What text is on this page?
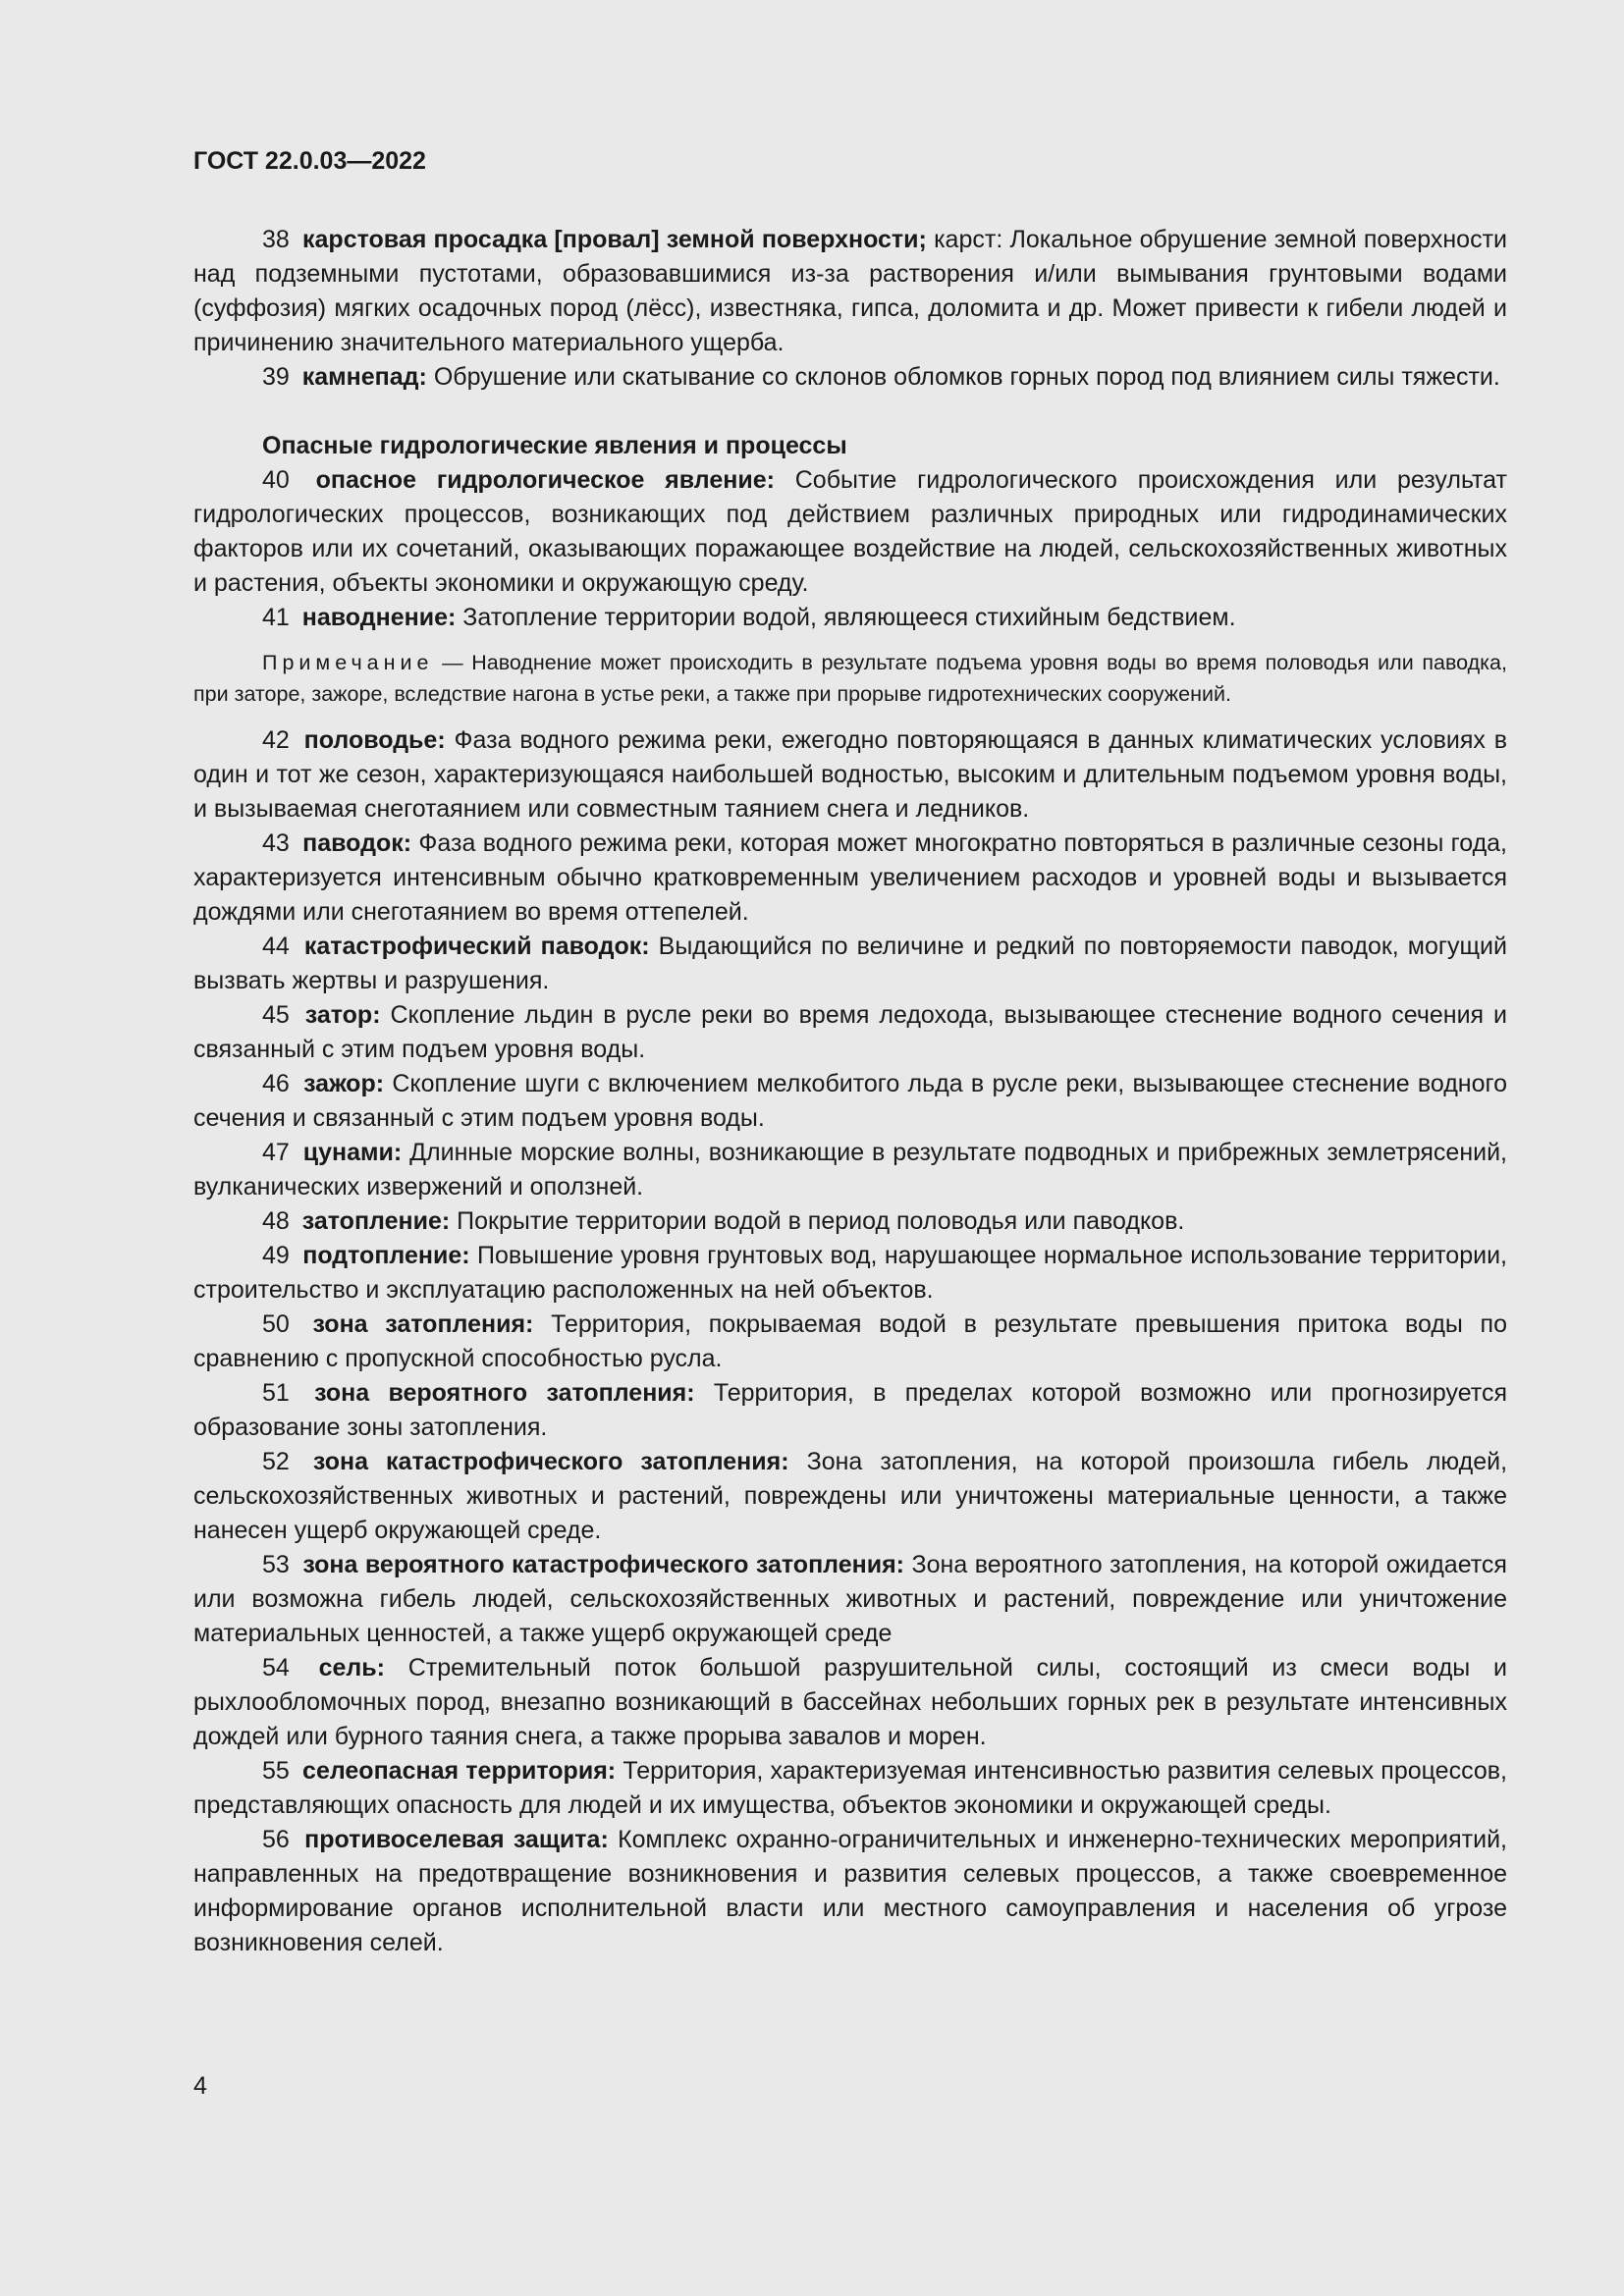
ГОСТ 22.0.03—2022

38 карстовая просадка [провал] земной поверхности; карст: Локальное обрушение земной поверхности над подземными пустотами, образовавшимися из-за растворения и/или вымывания грунтовыми водами (суффозия) мягких осадочных пород (лёсс), известняка, гипса, доломита и др. Может привести к гибели людей и причинению значительного материального ущерба.

39 камнепад: Обрушение или скатывание со склонов обломков горных пород под влиянием силы тяжести.

Опасные гидрологические явления и процессы

40 опасное гидрологическое явление: Событие гидрологического происхождения или результат гидрологических процессов, возникающих под действием различных природных или гидродинамических факторов или их сочетаний, оказывающих поражающее воздействие на людей, сельскохозяйственных животных и растения, объекты экономики и окружающую среду.

41 наводнение: Затопление территории водой, являющееся стихийным бедствием.

Примечание — Наводнение может происходить в результате подъема уровня воды во время половодья или паводка, при заторе, зажоре, вследствие нагона в устье реки, а также при прорыве гидротехнических сооружений.

42 половодье: Фаза водного режима реки, ежегодно повторяющаяся в данных климатических условиях в один и тот же сезон, характеризующаяся наибольшей водностью, высоким и длительным подъемом уровня воды, и вызываемая снеготаянием или совместным таянием снега и ледников.

43 паводок: Фаза водного режима реки, которая может многократно повторяться в различные сезоны года, характеризуется интенсивным обычно кратковременным увеличением расходов и уровней воды и вызывается дождями или снеготаянием во время оттепелей.

44 катастрофический паводок: Выдающийся по величине и редкий по повторяемости паводок, могущий вызвать жертвы и разрушения.

45 затор: Скопление льдин в русле реки во время ледохода, вызывающее стеснение водного сечения и связанный с этим подъем уровня воды.

46 зажор: Скопление шуги с включением мелкобитого льда в русле реки, вызывающее стеснение водного сечения и связанный с этим подъем уровня воды.

47 цунами: Длинные морские волны, возникающие в результате подводных и прибрежных землетрясений, вулканических извержений и оползней.

48 затопление: Покрытие территории водой в период половодья или паводков.

49 подтопление: Повышение уровня грунтовых вод, нарушающее нормальное использование территории, строительство и эксплуатацию расположенных на ней объектов.

50 зона затопления: Территория, покрываемая водой в результате превышения притока воды по сравнению с пропускной способностью русла.

51 зона вероятного затопления: Территория, в пределах которой возможно или прогнозируется образование зоны затопления.

52 зона катастрофического затопления: Зона затопления, на которой произошла гибель людей, сельскохозяйственных животных и растений, повреждены или уничтожены материальные ценности, а также нанесен ущерб окружающей среде.

53 зона вероятного катастрофического затопления: Зона вероятного затопления, на которой ожидается или возможна гибель людей, сельскохозяйственных животных и растений, повреждение или уничтожение материальных ценностей, а также ущерб окружающей среде

54 сель: Стремительный поток большой разрушительной силы, состоящий из смеси воды и рыхлообломочных пород, внезапно возникающий в бассейнах небольших горных рек в результате интенсивных дождей или бурного таяния снега, а также прорыва завалов и морен.

55 селеопасная территория: Территория, характеризуемая интенсивностью развития селевых процессов, представляющих опасность для людей и их имущества, объектов экономики и окружающей среды.

56 противоселевая защита: Комплекс охранно-ограничительных и инженерно-технических мероприятий, направленных на предотвращение возникновения и развития селевых процессов, а также своевременное информирование органов исполнительной власти или местного самоуправления и населения об угрозе возникновения селей.

4
